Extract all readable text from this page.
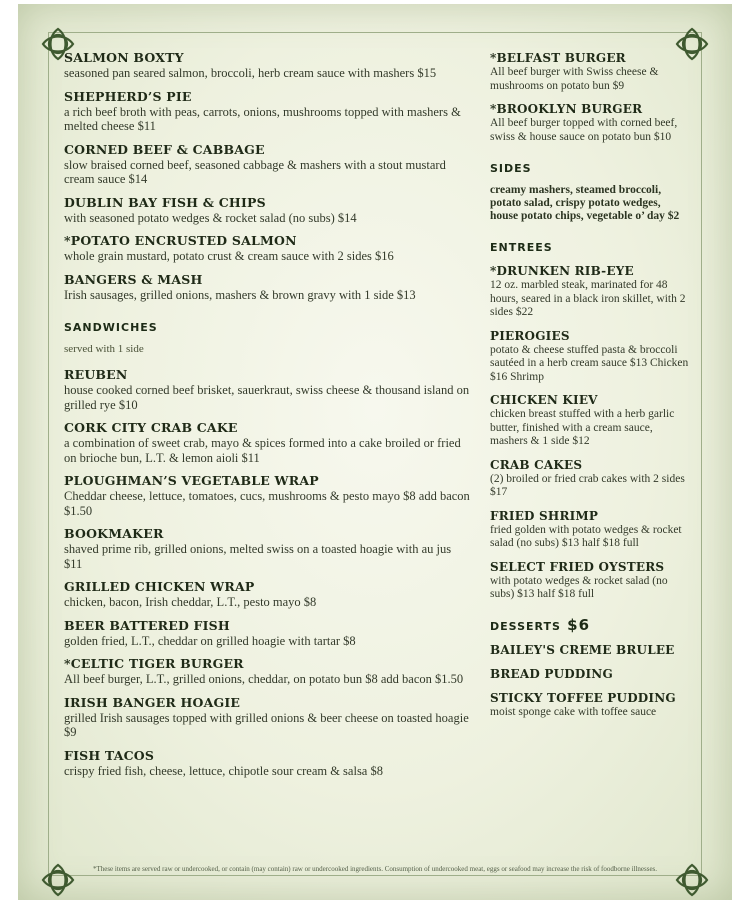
SALMON BOXTY
seasoned pan seared salmon, broccoli, herb cream sauce with mashers $15
SHEPHERD’S PIE
a rich beef broth with peas, carrots, onions, mushrooms topped with mashers & melted cheese $11
CORNED BEEF & CABBAGE
slow braised corned beef, seasoned cabbage & mashers with a stout mustard cream sauce $14
DUBLIN BAY FISH & CHIPS
with seasoned potato wedges & rocket salad (no subs) $14
*POTATO ENCRUSTED SALMON
whole grain mustard, potato crust & cream sauce with 2 sides $16
BANGERS & MASH
Irish sausages, grilled onions, mashers & brown gravy with 1 side $13
sandwiches
served with 1 side
REUBEN
house cooked corned beef brisket, sauerkraut, swiss cheese & thousand island on grilled rye $10
CORK CITY CRAB CAKE
a combination of sweet crab, mayo & spices formed into a cake broiled or fried on brioche bun, L.T. & lemon aioli $11
PLOUGHMAN’S VEGETABLE WRAP
Cheddar cheese, lettuce, tomatoes, cucs, mushrooms & pesto mayo $8 add bacon $1.50
BOOKMAKER
shaved prime rib, grilled onions, melted swiss on a toasted hoagie with au jus $11
GRILLED CHICKEN WRAP
chicken, bacon, Irish cheddar, L.T., pesto mayo $8
BEER BATTERED FISH
golden fried, L.T., cheddar on grilled hoagie with tartar $8
*CELTIC TIGER BURGER
All beef burger, L.T., grilled onions, cheddar, on potato bun $8 add bacon $1.50
IRISH BANGER HOAGIE
grilled Irish sausages topped with grilled onions & beer cheese on toasted hoagie $9
FISH TACOS
crispy fried fish, cheese, lettuce, chipotle sour cream & salsa $8
*BELFAST BURGER
All beef burger with Swiss cheese & mushrooms on potato bun $9
*BROOKLYN BURGER
All beef burger topped with corned beef, swiss & house sauce on potato bun $10
sides
creamy mashers, steamed broccoli, potato salad, crispy potato wedges, house potato chips, vegetable o’ day $2
entrees
*DRUNKEN RIB-EYE
12 oz. marbled steak, marinated for 48 hours, seared in a black iron skillet, with 2 sides $22
PIEROGIES
potato & cheese stuffed pasta & broccoli sautéed in a herb cream sauce $13 Chicken $16 Shrimp
CHICKEN KIEV
chicken breast stuffed with a herb garlic butter, finished with a cream sauce, mashers & 1 side $12
CRAB CAKES
(2) broiled or fried crab cakes with 2 sides $17
FRIED SHRIMP
fried golden with potato wedges & rocket salad (no subs) $13 half $18 full
SELECT FRIED OYSTERS
with potato wedges & rocket salad (no subs) $13 half $18 full
desserts $6
BAILEY'S CREME BRULEE
BREAD PUDDING
STICKY TOFFEE PUDDING
moist sponge cake with toffee sauce
*These items are served raw or undercooked, or contain (may contain) raw or undercooked ingredients. Consumption of undercooked meat, eggs or seafood may increase the risk of foodborne illnesses.
